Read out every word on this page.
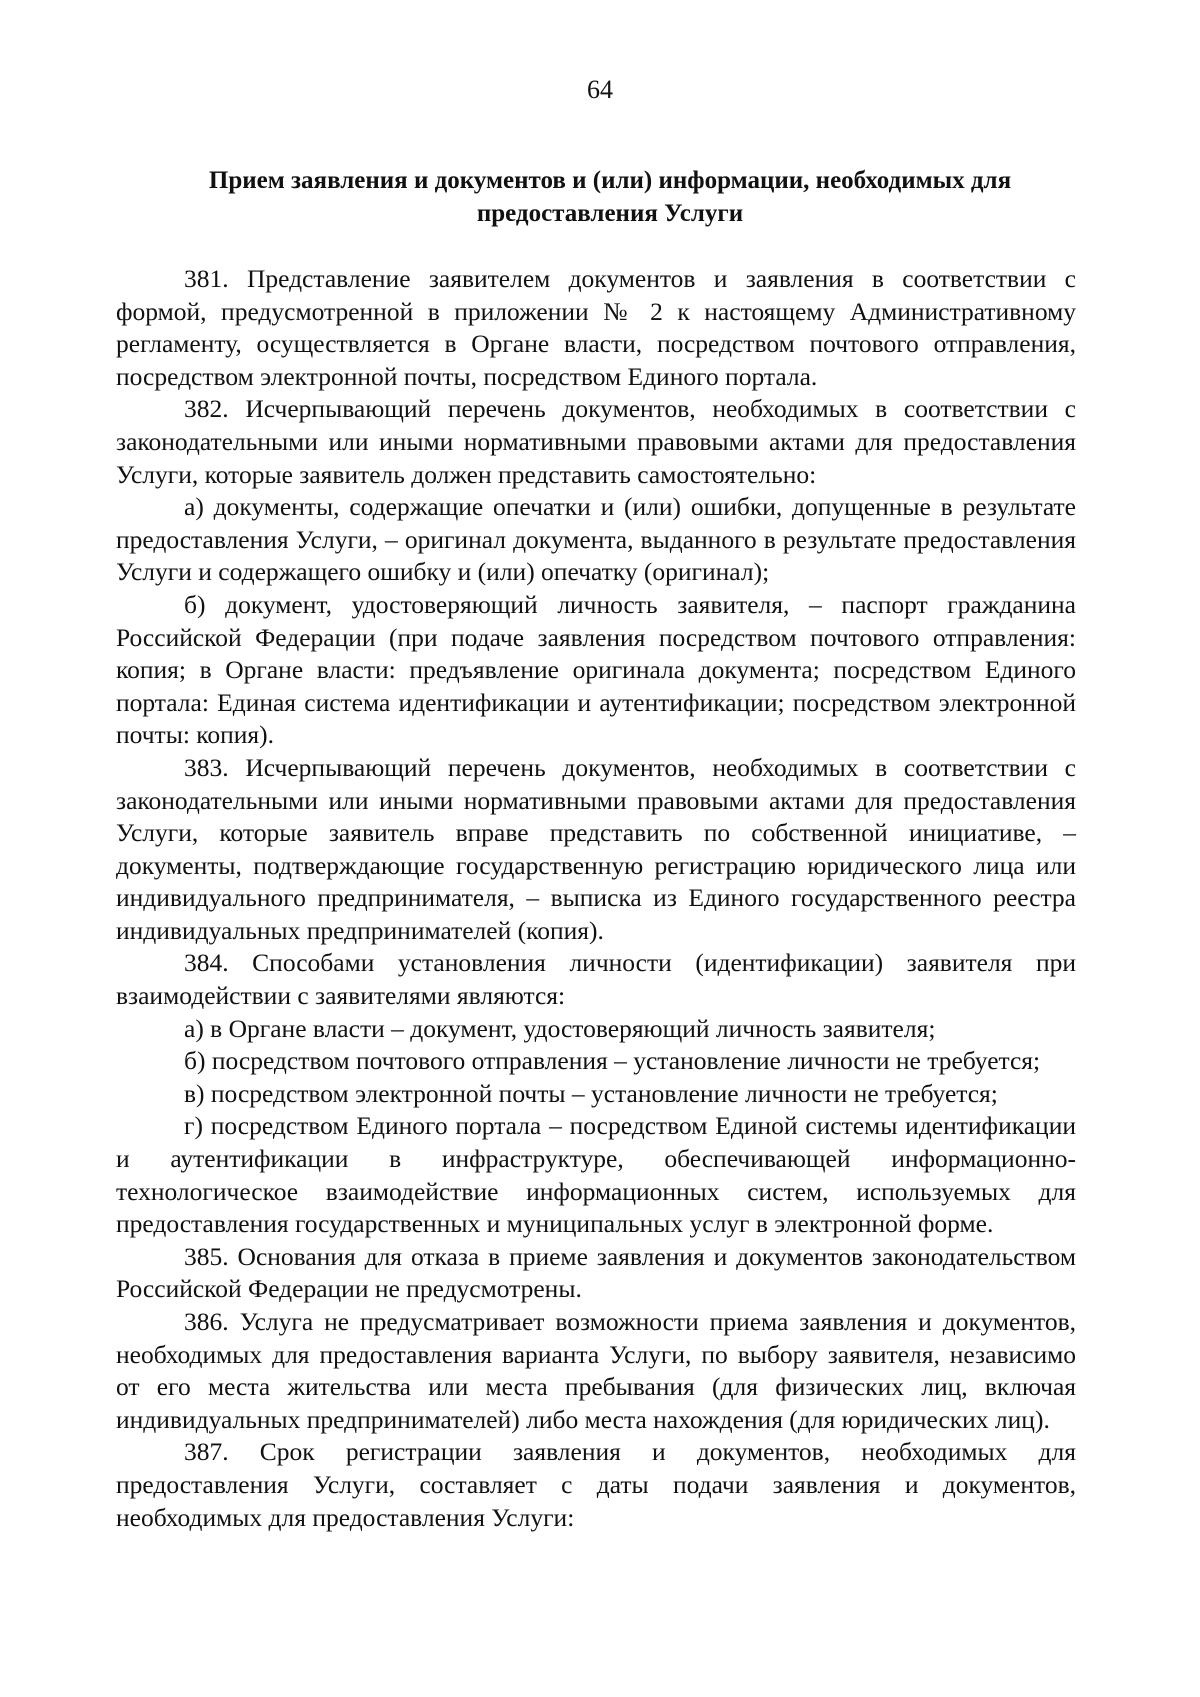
64
Прием заявления и документов и (или) информации, необходимых для
предоставления Услуги

381. Представление заявителем документов и заявления в соответствии с формой, предусмотренной в приложении № 2 к настоящему Административному регламенту, осуществляется в Органе власти, посредством почтового отправления, посредством электронной почты, посредством Единого портала.

382. Исчерпывающий перечень документов, необходимых в соответствии с законодательными или иными нормативными правовыми актами для предоставления Услуги, которые заявитель должен представить самостоятельно:

а) документы, содержащие опечатки и (или) ошибки, допущенные в результате предоставления Услуги, – оригинал документа, выданного в результате предоставления Услуги и содержащего ошибку и (или) опечатку (оригинал);

б) документ, удостоверяющий личность заявителя, – паспорт гражданина Российской Федерации (при подаче заявления посредством почтового отправления: копия; в Органе власти: предъявление оригинала документа; посредством Единого портала: Единая система идентификации и аутентификации; посредством электронной почты: копия).

383. Исчерпывающий перечень документов, необходимых в соответствии с законодательными или иными нормативными правовыми актами для предоставления Услуги, которые заявитель вправе представить по собственной инициативе, – документы, подтверждающие государственную регистрацию юридического лица или индивидуального предпринимателя, – выписка из Единого государственного реестра индивидуальных предпринимателей (копия).

384. Способами установления личности (идентификации) заявителя при взаимодействии с заявителями являются:

а) в Органе власти – документ, удостоверяющий личность заявителя;

б) посредством почтового отправления – установление личности не требуется;

в) посредством электронной почты – установление личности не требуется;

г) посредством Единого портала – посредством Единой системы идентификации и аутентификации в инфраструктуре, обеспечивающей информационно-технологическое взаимодействие информационных систем, используемых для предоставления государственных и муниципальных услуг в электронной форме.

385. Основания для отказа в приеме заявления и документов законодательством Российской Федерации не предусмотрены.

386. Услуга не предусматривает возможности приема заявления и документов, необходимых для предоставления варианта Услуги, по выбору заявителя, независимо от его места жительства или места пребывания (для физических лиц, включая индивидуальных предпринимателей) либо места нахождения (для юридических лиц).

387. Срок регистрации заявления и документов, необходимых для предоставления Услуги, составляет с даты подачи заявления и документов, необходимых для предоставления Услуги:
